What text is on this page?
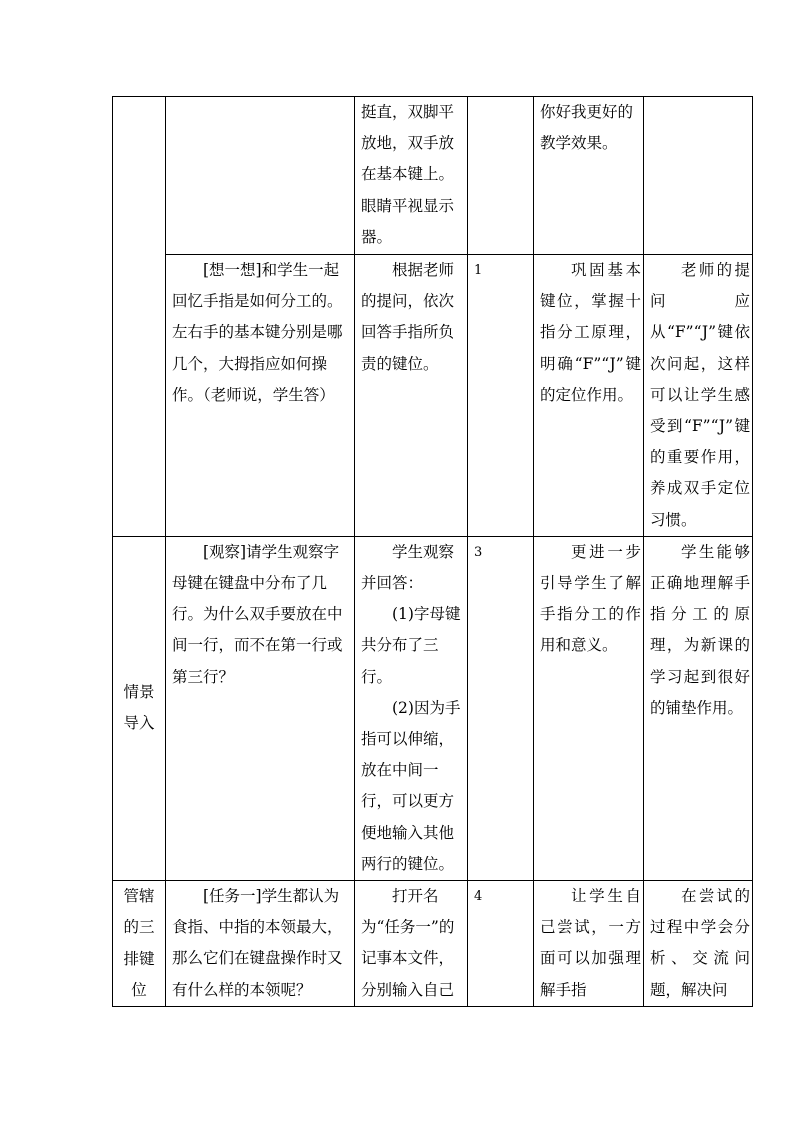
		挺直，双脚平放地，双手放在基本键上。眼睛平视显示器。		你好我更好的教学效果。	

	[想一想]和学生一起回忆手指是如何分工的。左右手的基本键分别是哪几个，大拇指应如何操作。（老师说，学生答）	根据老师的提问，依次回答手指所负责的键位。	1	巩固基本键位，掌握十指分工原理，明确“F”“J”键的定位作用。	老师的提问应从“F”“J”键依次问起，这样可以让学生感受到“F”“J”键的重要作用，养成双手定位习惯。

情景导入	[观察]请学生观察字母键在键盘中分布了几行。为什么双手要放在中间一行，而不在第一行或第三行？	学生观察并回答：

(1)字母键共分布了三行。

(2)因为手指可以伸缩，放在中间一行，可以更方便地输入其他两行的键位。	3	更进一步引导学生了解手指分工的作用和意义。	学生能够正确地理解手指分工的原理，为新课的学习起到很好的铺垫作用。

管辖的三排键位	[任务一]学生都认为食指、中指的本领最大，那么它们在键盘操作时又有什么样的本领呢？	打开名为“任务一”的记事本文件，分别输入自己	4	让学生自己尝试，一方面可以加强理解手指	在尝试的过程中学会分析、交流问题，解决问
